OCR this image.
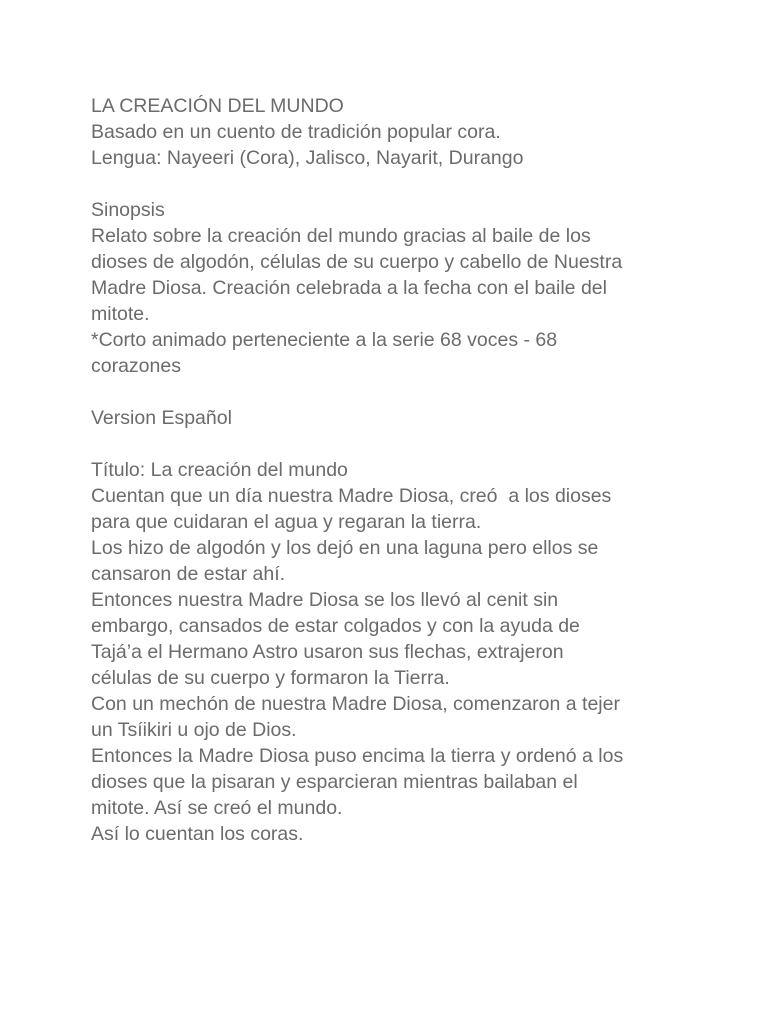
LA CREACIÓN DEL MUNDO

Basado en un cuento de tradición popular cora.

Lengua: Nayeeri (Cora), Jalisco, Nayarit, Durango

Sinopsis

Relato sobre la creación del mundo gracias al baile de los

dioses de algodón, células de su cuerpo y cabello de Nuestra

Madre Diosa. Creación celebrada a la fecha con el baile del

mitote.

*Corto animado perteneciente a la serie 68 voces - 68

corazones

Version Español

Título: La creación del mundo

Cuentan que un día nuestra Madre Diosa, creó  a los dioses

para que cuidaran el agua y regaran la tierra.

Los hizo de algodón y los dejó en una laguna pero ellos se

cansaron de estar ahí.

Entonces nuestra Madre Diosa se los llevó al cenit sin

embargo, cansados de estar colgados y con la ayuda de

Tajá’a el Hermano Astro usaron sus flechas, extrajeron

células de su cuerpo y formaron la Tierra.

Con un mechón de nuestra Madre Diosa, comenzaron a tejer

un Tsíikiri u ojo de Dios.

Entonces la Madre Diosa puso encima la tierra y ordenó a los

dioses que la pisaran y esparcieran mientras bailaban el

mitote. Así se creó el mundo.

Así lo cuentan los coras.
